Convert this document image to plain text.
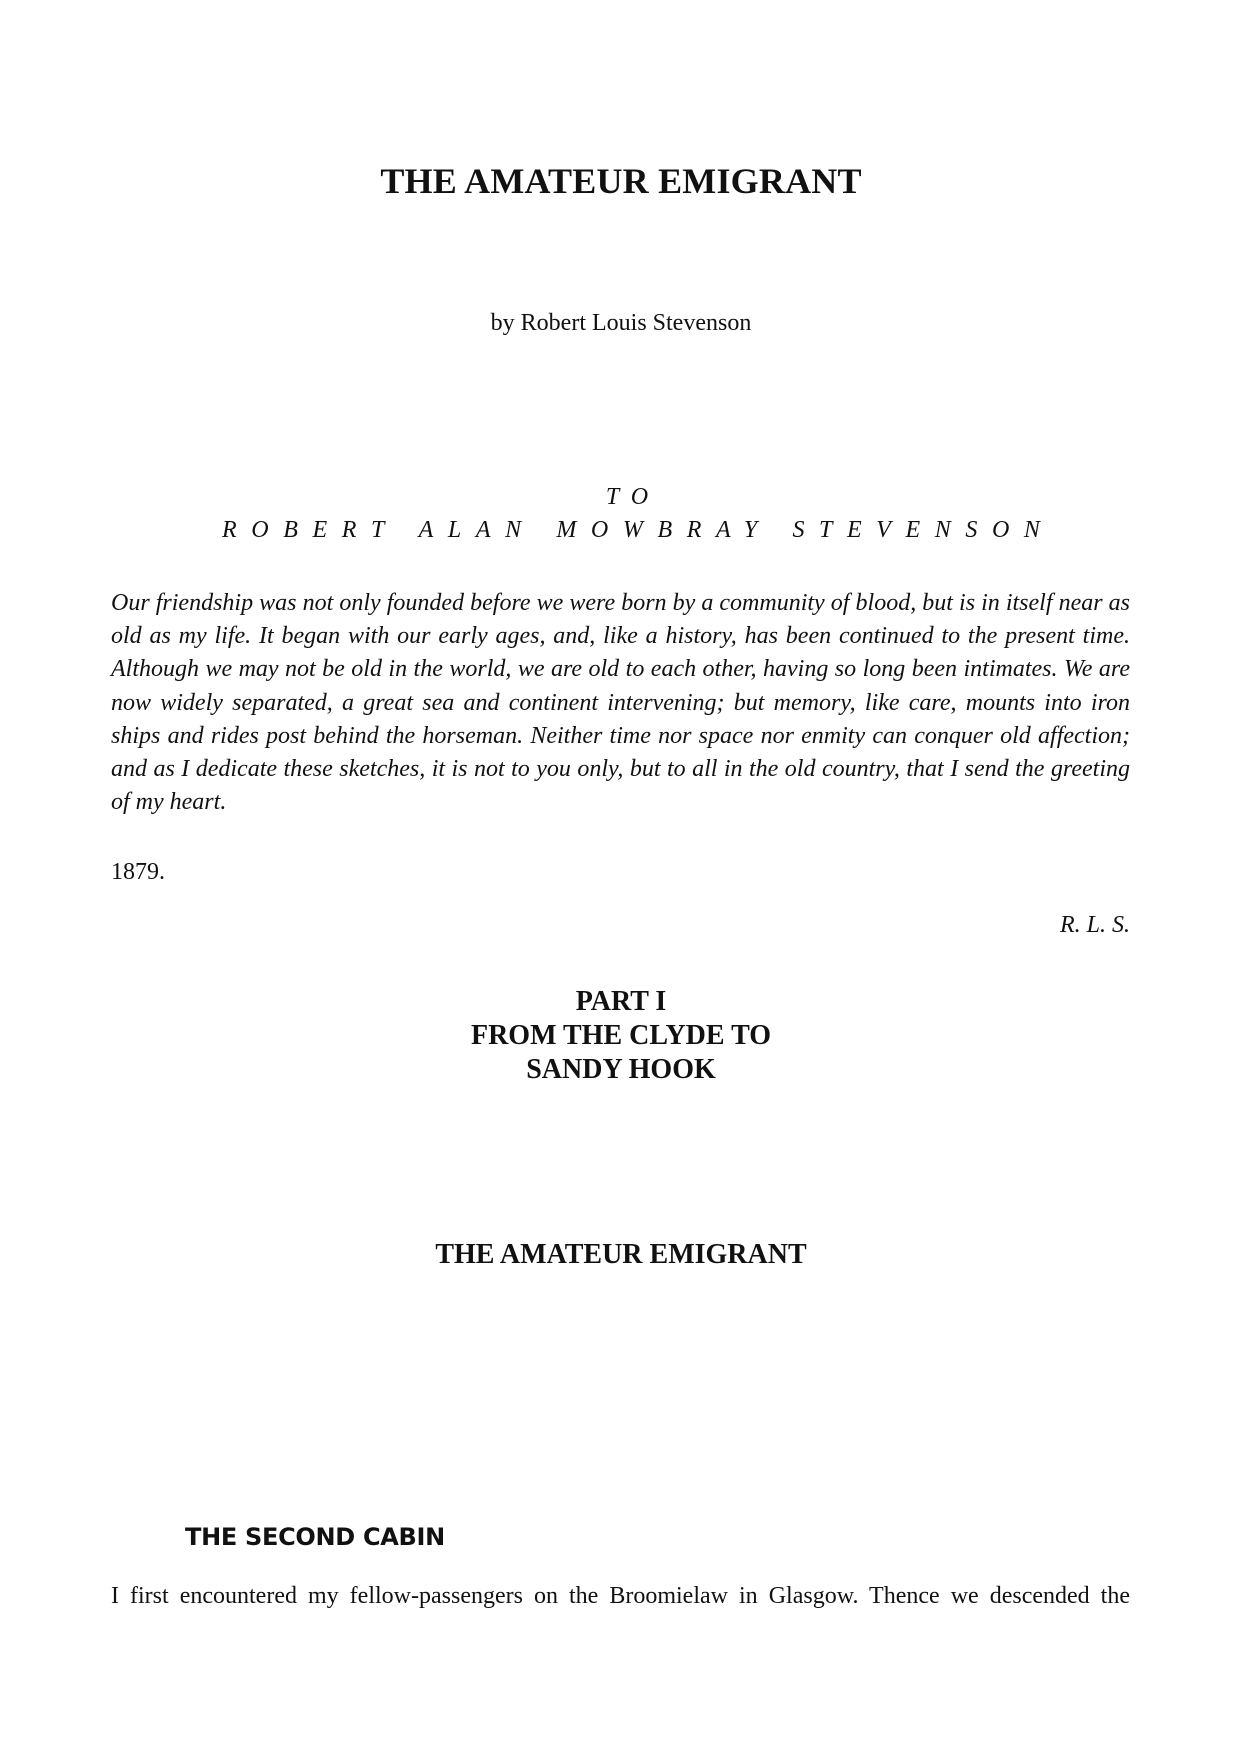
THE AMATEUR EMIGRANT
by Robert Louis Stevenson
TO
ROBERT ALAN MOWBRAY STEVENSON
Our friendship was not only founded before we were born by a community of blood, but is in itself near as old as my life. It began with our early ages, and, like a history, has been continued to the present time. Although we may not be old in the world, we are old to each other, having so long been intimates. We are now widely separated, a great sea and continent intervening; but memory, like care, mounts into iron ships and rides post behind the horseman. Neither time nor space nor enmity can conquer old affection; and as I dedicate these sketches, it is not to you only, but to all in the old country, that I send the greeting of my heart.
1879.
R. L. S.
PART I
FROM THE CLYDE TO
SANDY HOOK
THE AMATEUR EMIGRANT
THE SECOND CABIN
I first encountered my fellow-passengers on the Broomielaw in Glasgow. Thence we descended the
